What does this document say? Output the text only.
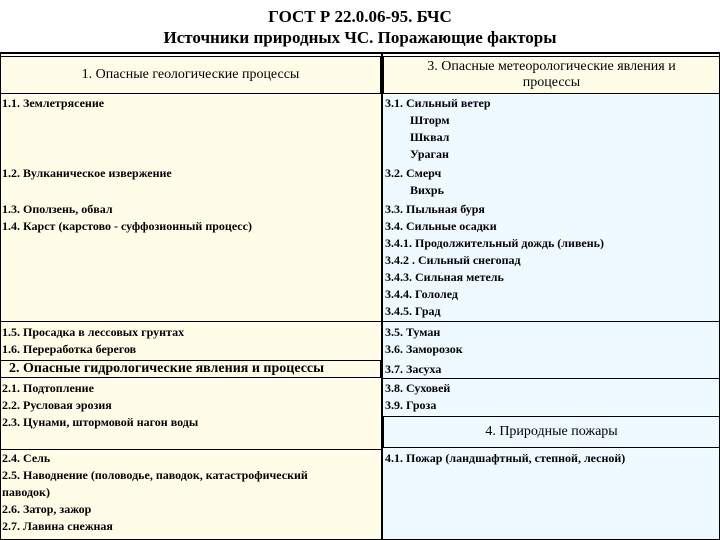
ГОСТ Р 22.0.06-95. БЧС
Источники природных ЧС. Поражающие факторы
1. Опасные геологические процессы
2. Опасные гидрологические явления и процессы
3. Опасные метеорологические явления и
процессы
4. Природные пожары
1.1. Землетрясение
1.2. Вулканическое извержение
1.3. Оползень, обвал
1.4. Карст (карстово - суффозионный процесс)
1.5. Просадка в лессовых грунтах
1.6. Переработка берегов
2.1. Подтопление
2.2. Русловая эрозия
2.3. Цунами, штормовой нагон воды
2.4. Сель
2.5. Наводнение (половодье, паводок, катастрофический
паводок)
2.6. Затор, зажор
2.7. Лавина снежная
3.1. Сильный ветер
Шторм
Шквал
Ураган
3.2. Смерч
Вихрь
3.3. Пыльная буря
3.4. Сильные осадки
3.4.1. Продолжительный дождь (ливень)
3.4.2 . Сильный снегопад
3.4.3. Сильная метель
3.4.4. Гололед
3.4.5. Град
3.5. Туман
3.6. Заморозок
3.7. Засуха
3.8. Суховей
3.9. Гроза
4.1. Пожар (ландшафтный, степной, лесной)
